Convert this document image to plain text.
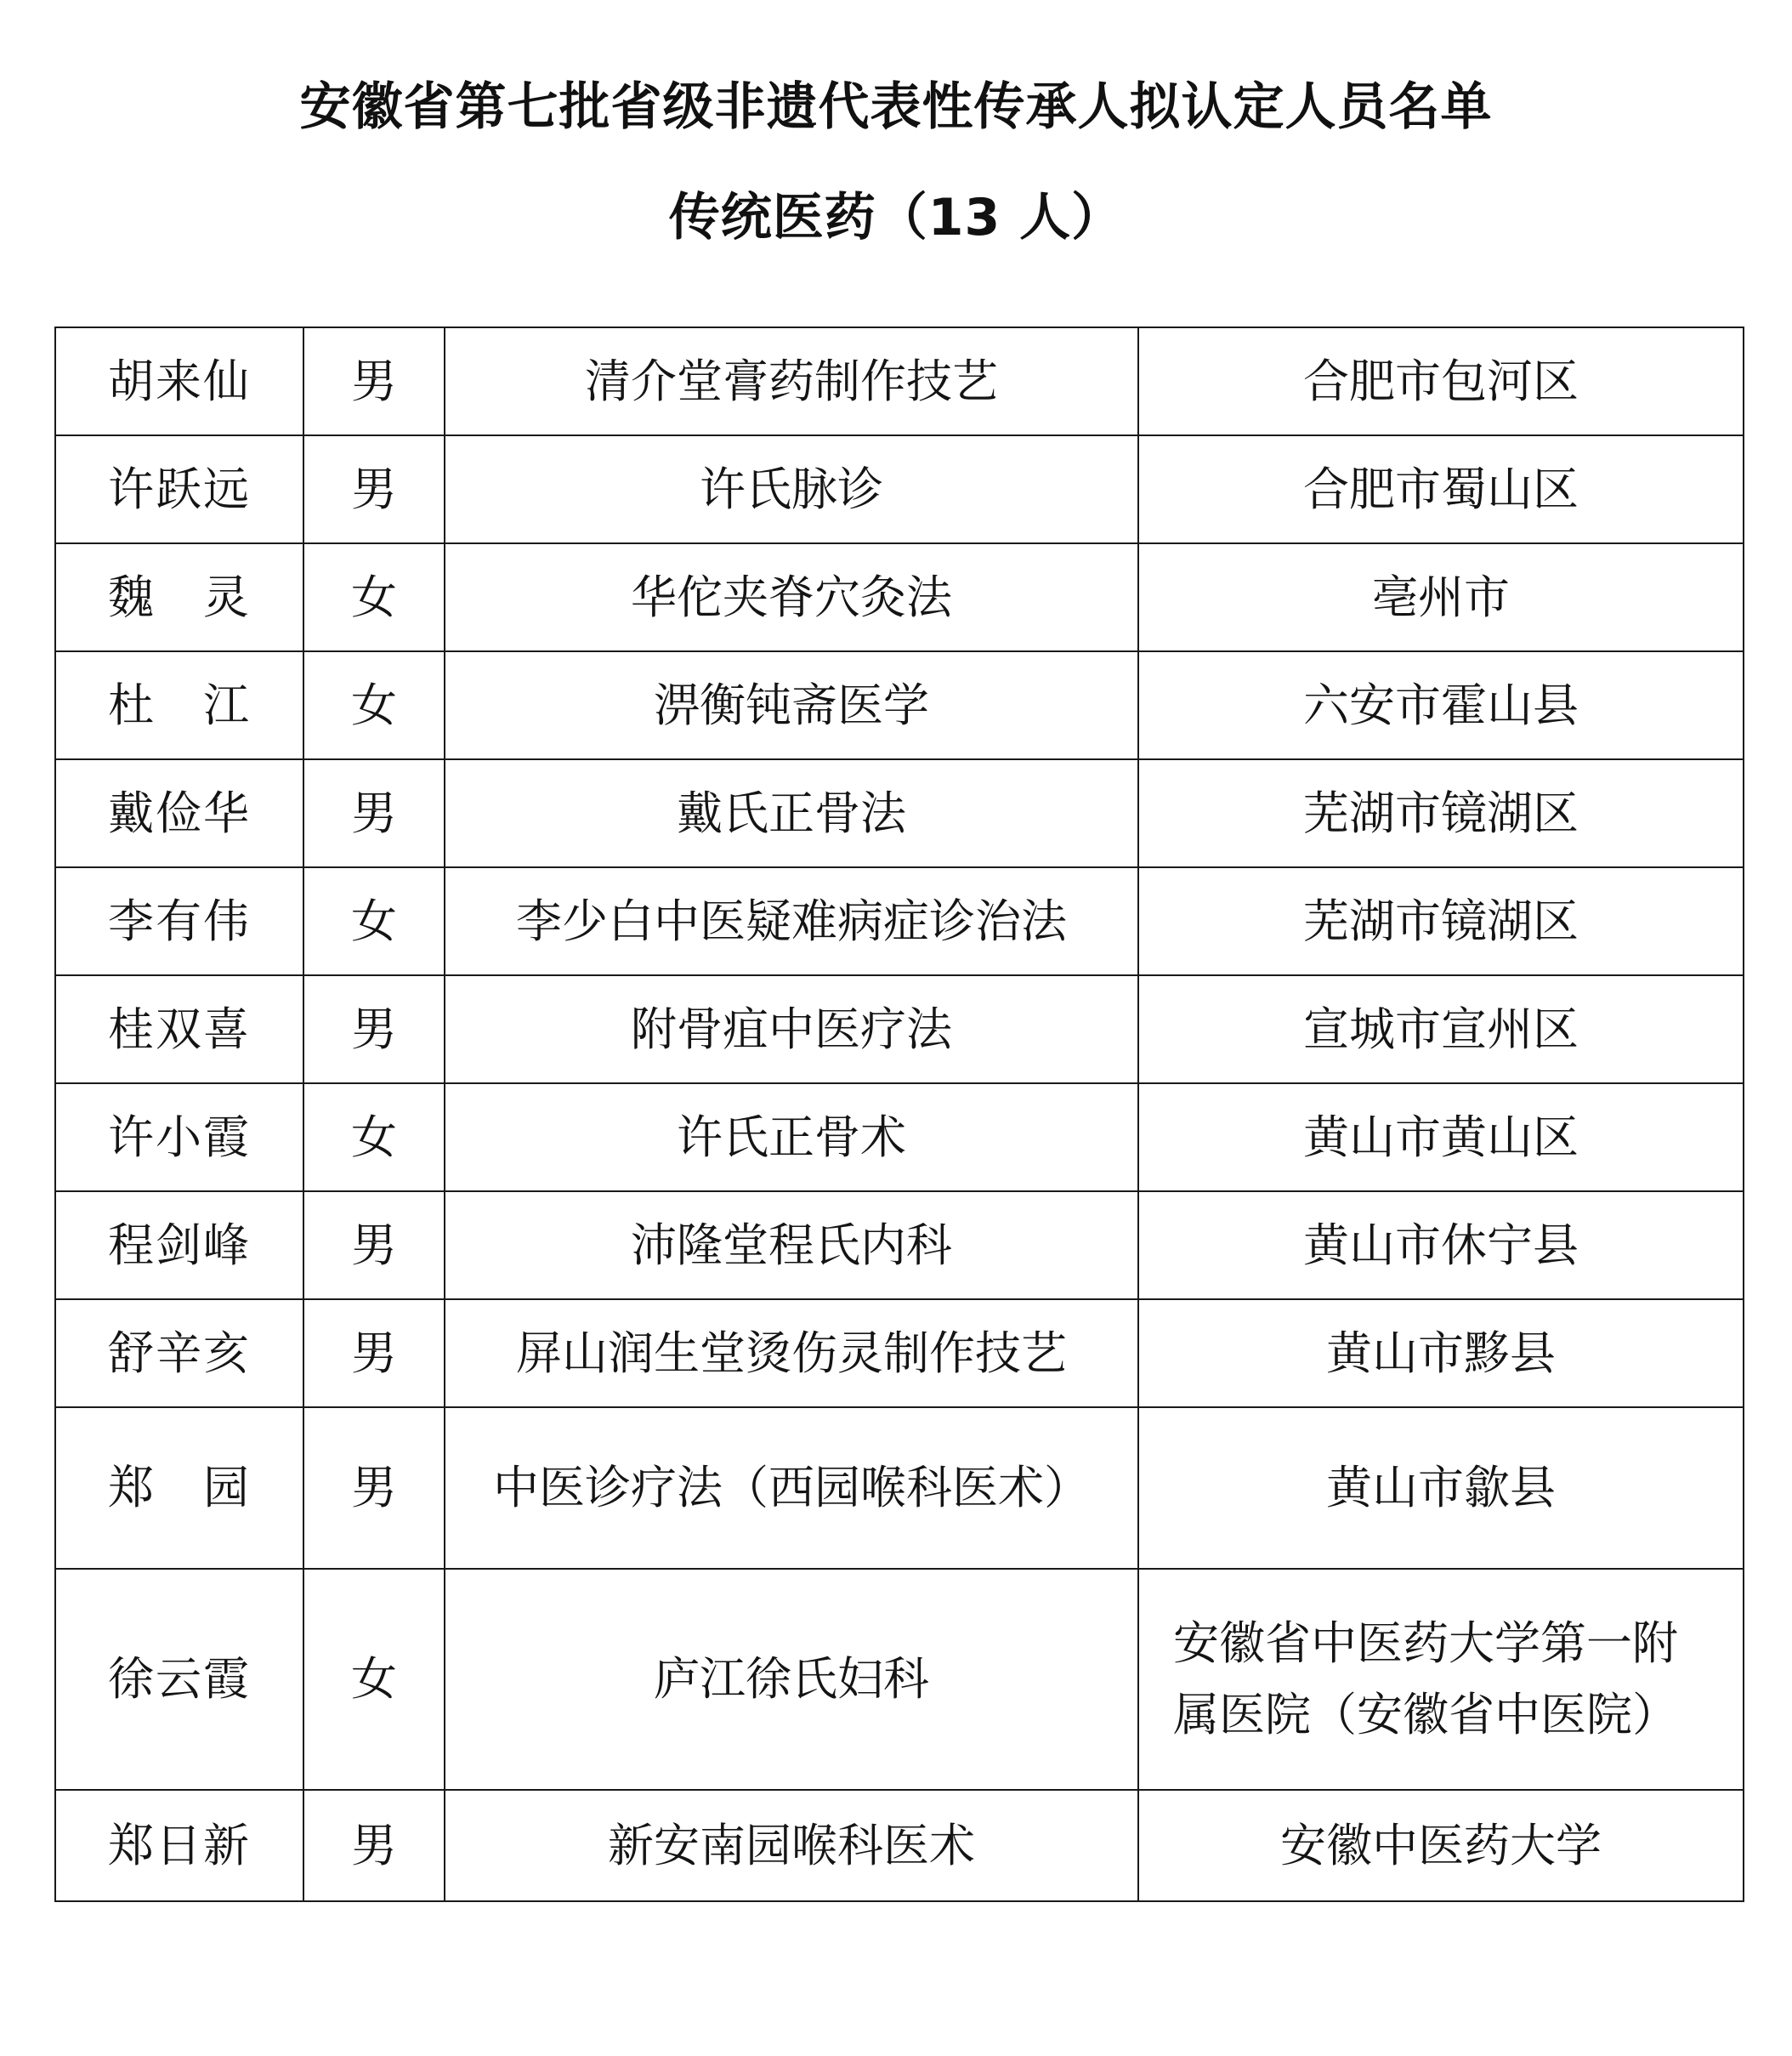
安徽省第七批省级非遗代表性传承人拟认定人员名单
传统医药（13 人）
胡来仙	男	清介堂膏药制作技艺	合肥市包河区
许跃远	男	许氏脉诊	合肥市蜀山区
魏　灵	女	华佗夹脊穴灸法	亳州市
杜　江	女	淠衡钝斋医学	六安市霍山县
戴俭华	男	戴氏正骨法	芜湖市镜湖区
李有伟	女	李少白中医疑难病症诊治法	芜湖市镜湖区
桂双喜	男	附骨疽中医疗法	宣城市宣州区
许小霞	女	许氏正骨术	黄山市黄山区
程剑峰	男	沛隆堂程氏内科	黄山市休宁县
舒辛亥	男	屏山润生堂烫伤灵制作技艺	黄山市黟县
郑　园	男	中医诊疗法（西园喉科医术）	黄山市歙县
徐云霞	女	庐江徐氏妇科	安徽省中医药大学第一附属医院（安徽省中医院）
郑日新	男	新安南园喉科医术	安徽中医药大学
